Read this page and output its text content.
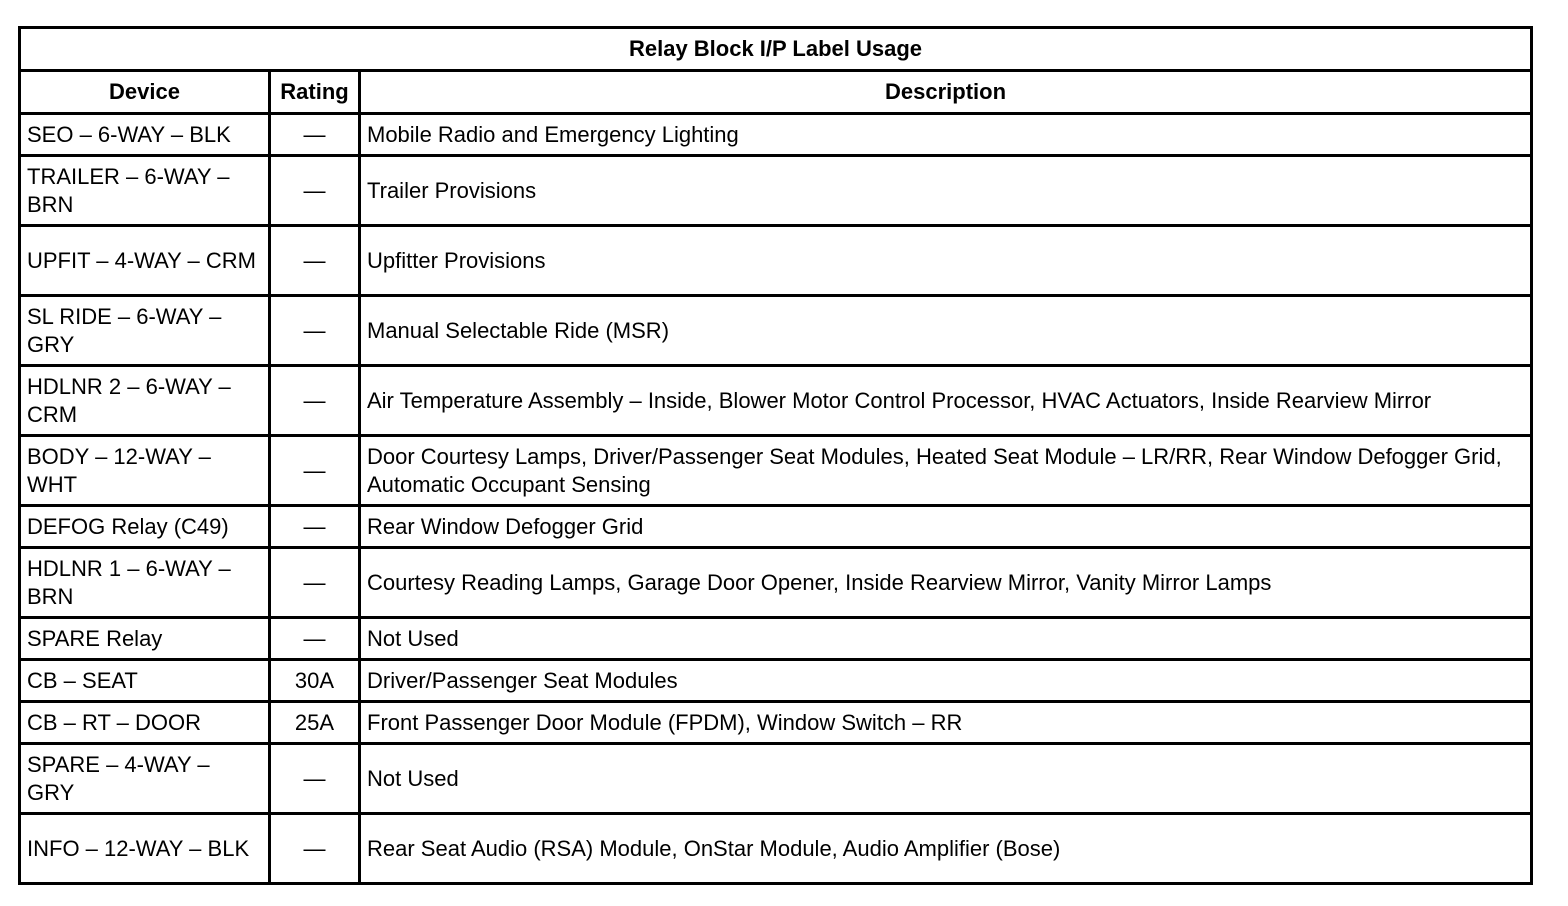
Relay Block I/P Label Usage		
Device	Rating	Description
SEO – 6-WAY – BLK	—	Mobile Radio and Emergency Lighting
TRAILER – 6-WAY – BRN	—	Trailer Provisions
UPFIT – 4-WAY – CRM	—	Upfitter Provisions
SL RIDE – 6-WAY – GRY	—	Manual Selectable Ride (MSR)
HDLNR 2 – 6-WAY – CRM	—	Air Temperature Assembly – Inside, Blower Motor Control Processor, HVAC Actuators, Inside Rearview Mirror
BODY – 12-WAY – WHT	—	Door Courtesy Lamps, Driver/Passenger Seat Modules, Heated Seat Module – LR/RR, Rear Window Defogger Grid, Automatic Occupant Sensing
DEFOG Relay (C49)	—	Rear Window Defogger Grid
HDLNR 1 – 6-WAY – BRN	—	Courtesy Reading Lamps, Garage Door Opener, Inside Rearview Mirror, Vanity Mirror Lamps
SPARE Relay	—	Not Used
CB – SEAT	30A	Driver/Passenger Seat Modules
CB – RT – DOOR	25A	Front Passenger Door Module (FPDM), Window Switch – RR
SPARE – 4-WAY – GRY	—	Not Used
INFO – 12-WAY – BLK	—	Rear Seat Audio (RSA) Module, OnStar Module, Audio Amplifier (Bose)
